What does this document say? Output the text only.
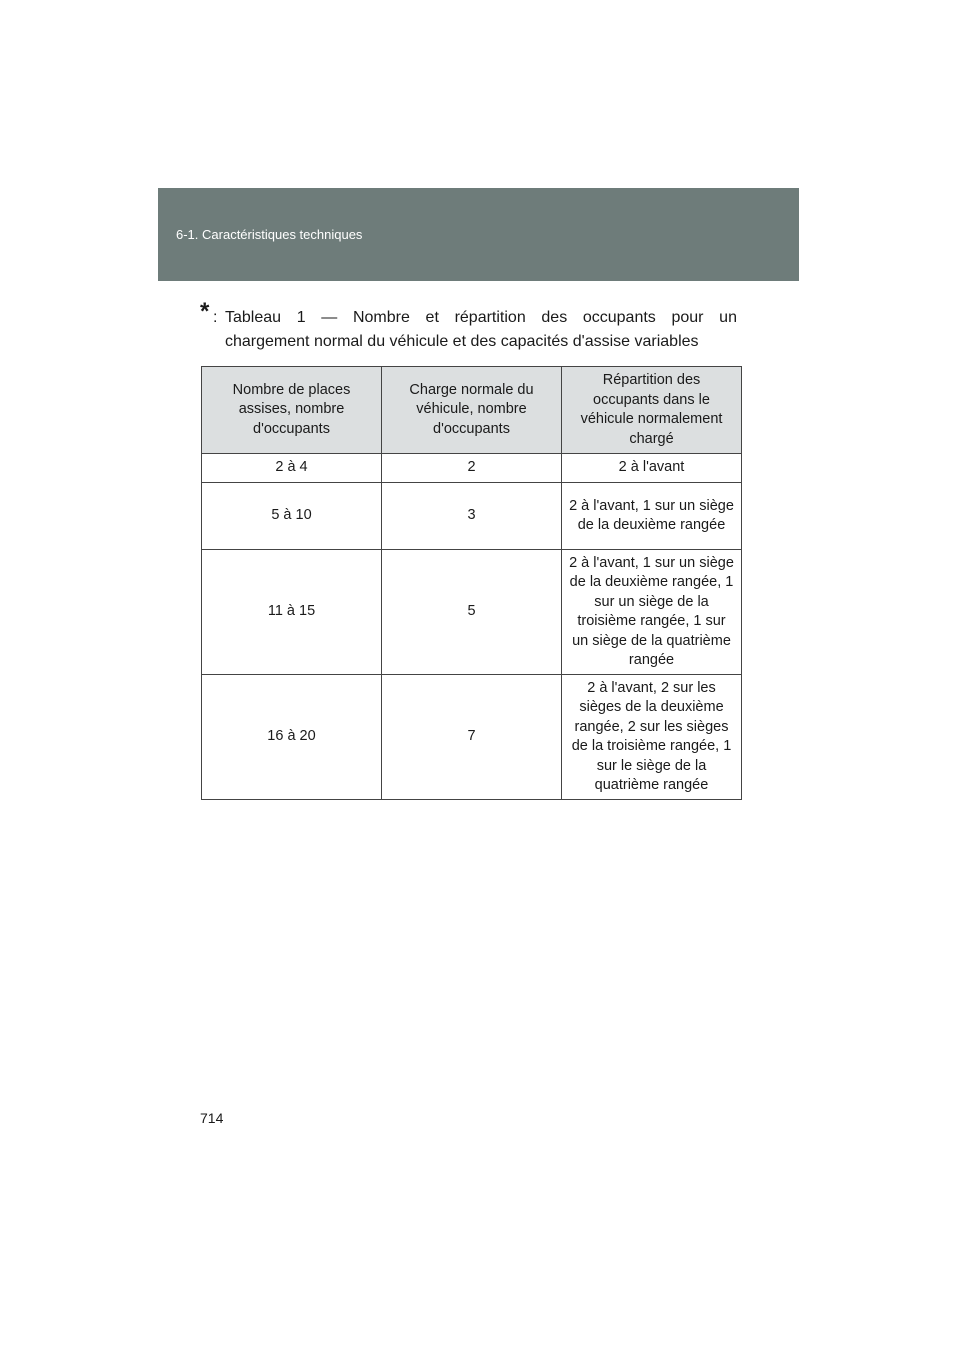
6-1. Caractéristiques techniques
* : Tableau 1 — Nombre et répartition des occupants pour un
chargement normal du véhicule et des capacités d'assise variables
Nombre de places assises, nombre d'occupants	Charge normale du véhicule, nombre d'occupants	Répartition des occupants dans le véhicule normalement chargé
2 à 4	2	2 à l'avant
5 à 10	3	2 à l'avant, 1 sur un siège de la deuxième rangée
11 à 15	5	2 à l'avant, 1 sur un siège de la deuxième rangée, 1 sur un siège de la troisième rangée, 1 sur un siège de la quatrième rangée
16 à 20	7	2 à l'avant, 2 sur les sièges de la deuxième rangée, 2 sur les sièges de la troisième rangée, 1 sur le siège de la quatrième rangée
714
